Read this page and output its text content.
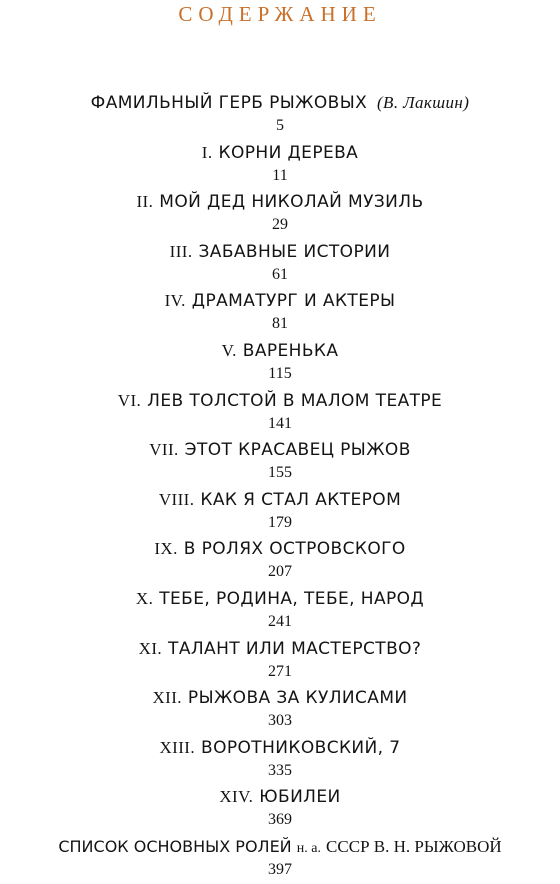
СОДЕРЖАНИЕ
ФАМИЛЬНЫЙ ГЕРБ РЫЖОВЫХ (В. Лакшин)
5
I. КОРНИ ДЕРЕВА
11
II. МОЙ ДЕД НИКОЛАЙ МУЗИЛЬ
29
III. ЗАБАВНЫЕ ИСТОРИИ
61
IV. ДРАМАТУРГ И АКТЕРЫ
81
V. ВАРЕНЬКА
115
VI. ЛЕВ ТОЛСТОЙ В МАЛОМ ТЕАТРЕ
141
VII. ЭТОТ КРАСАВЕЦ РЫЖОВ
155
VIII. КАК Я СТАЛ АКТЕРОМ
179
IX. В РОЛЯХ ОСТРОВСКОГО
207
X. ТЕБЕ, РОДИНА, ТЕБЕ, НАРОД
241
XI. ТАЛАНТ ИЛИ МАСТЕРСТВО?
271
XII. РЫЖОВА ЗА КУЛИСАМИ
303
XIII. ВОРОТНИКОВСКИЙ, 7
335
XIV. ЮБИЛЕИ
369
СПИСОК ОСНОВНЫХ РОЛЕЙ н. а. СССР В. Н. РЫЖОВОЙ
397
